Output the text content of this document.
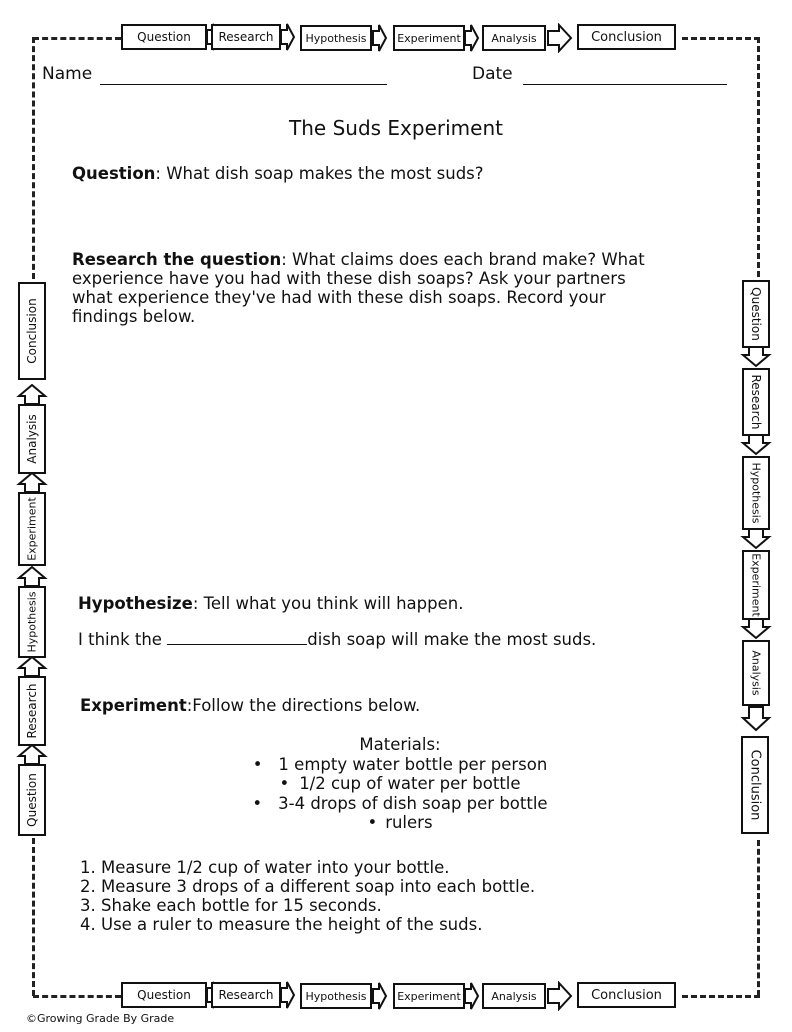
Question Research	Hypothesis	Experiment	Analysis	Conclusion
Question Research	Hypothesis	Experiment	Analysis	Conclusion
Conclusion
Analysis
Experiment
Hypothesis
Research
Question
Question
Research
Hypothesis
Experiment
Analysis
Conclusion
Name	Date
The Suds Experiment
Question: What dish soap makes the most suds?
Research the question: What claims does each brand make? What
experience have you had with these dish soaps? Ask your partners
what experience they've had with these dish soaps. Record your
findings below.
Hypothesize: Tell what you think will happen.
I think the	dish soap will make the most suds.
Experiment:Follow the directions below.
Materials:
• 1 empty water bottle per person
• 1/2 cup of water per bottle
• 3-4 drops of dish soap per bottle
• rulers
1. Measure 1/2 cup of water into your bottle.
2. Measure 3 drops of a different soap into each bottle.
3. Shake each bottle for 15 seconds.
4. Use a ruler to measure the height of the suds.
©Growing Grade By Grade
